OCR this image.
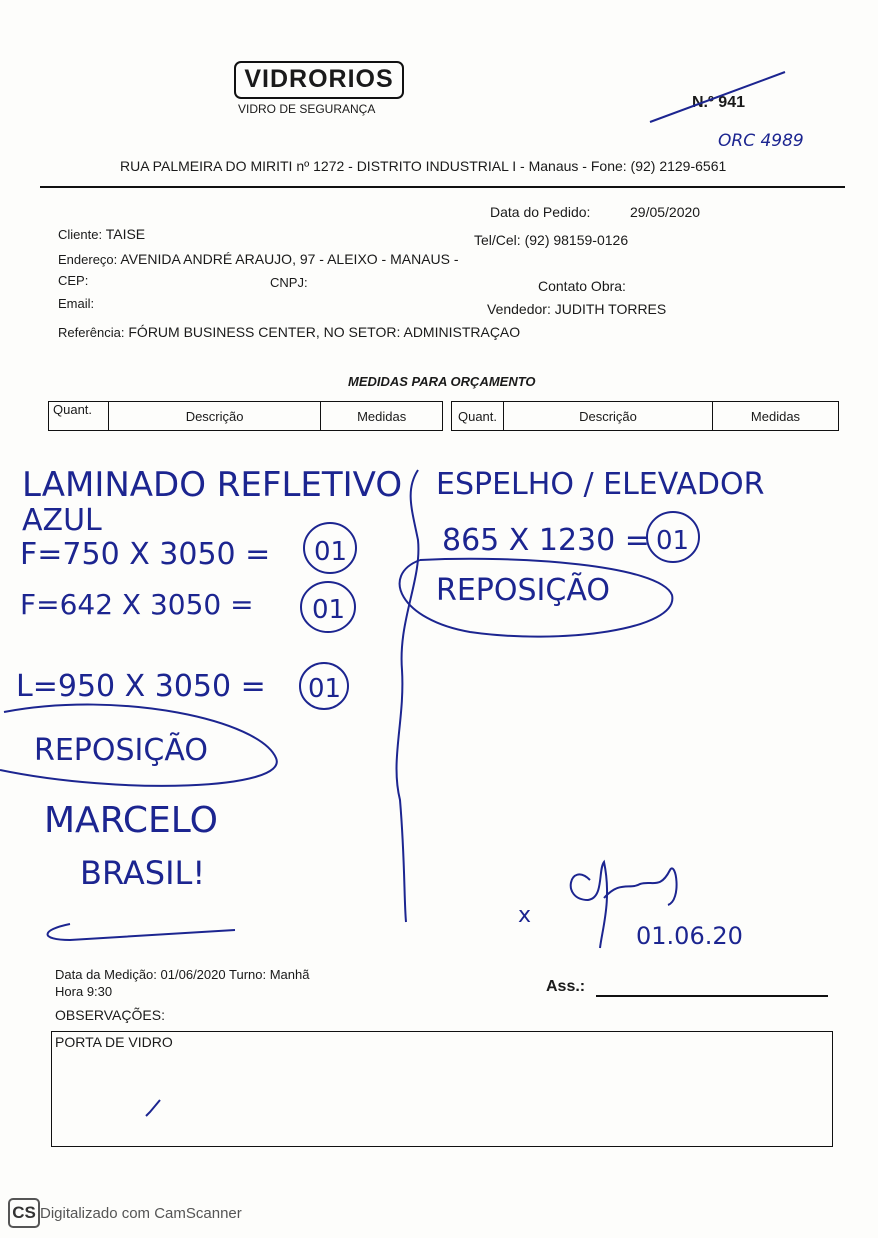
VIDRORIOS
VIDRO DE SEGURANÇA	N.º 941
RUA PALMEIRA DO MIRITI nº 1272 - DISTRITO INDUSTRIAL I - Manaus - Fone: (92) 2129-6561
Data do Pedido:	29/05/2020
Cliente: TAISE	Tel/Cel: (92) 98159-0126
Endereço: AVENIDA ANDRÉ ARAUJO, 97 - ALEIXO - MANAUS -
CEP:	CNPJ:	Contato Obra:
Email:	Vendedor: JUDITH TORRES
Referência: FÓRUM BUSINESS CENTER, NO SETOR: ADMINISTRAÇAO
MEDIDAS PARA ORÇAMENTO
Quant.	Descrição	Medidas	Quant.	Descrição	Medidas
ORC 4989
LAMINADO REFLETIVO
AZUL
F=750 X 3050 = 01
F=642 X 3050 = 01
L=950 X 3050 = 01
REPOSIÇÃO
MARCELO
BRASIL!
ESPELHO / ELEVADOR
865 X 1230 = 01
REPOSIÇÃO
x
01.06.20
Data da Medição: 01/06/2020 Turno: Manhã
Hora 9:30	Ass.:
OBSERVAÇÕES:
PORTA DE VIDRO
CS Digitalizado com CamScanner
